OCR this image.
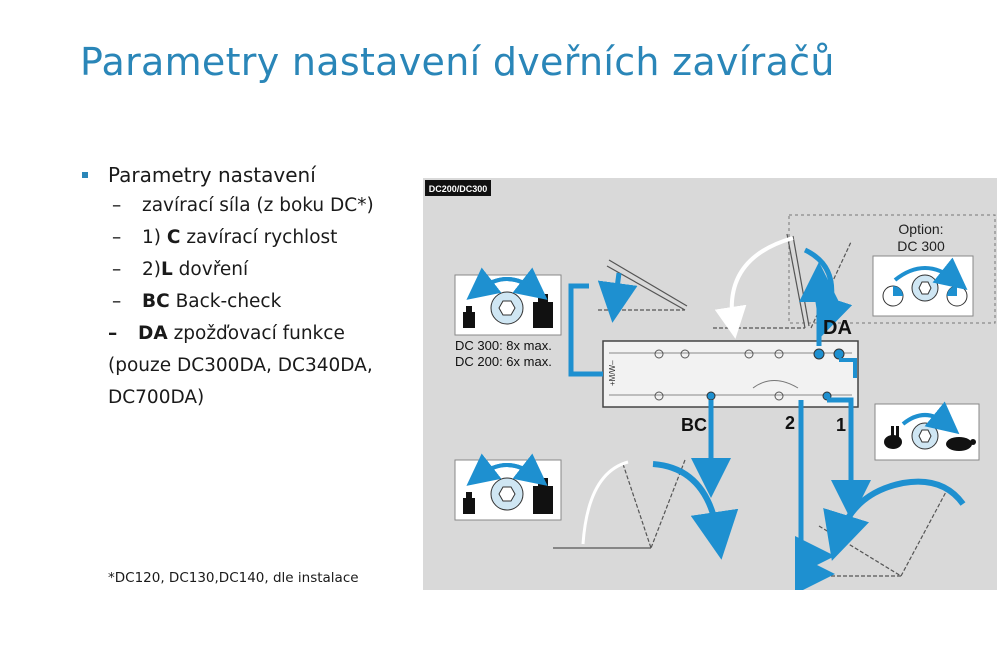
Parametry nastavení dveřních zavíračů
Parametry nastavení
– zavírací síla (z boku DC*)
– 1) C zavírací rychlost
– 2)L dovření
– BC Back-check
– DA zpožďovací funkce
(pouze DC300DA, DC340DA,
DC700DA)
*DC120, DC130,DC140, dle instalace
DC200/DC300
Option:
DC 300
DC 300: 8x max.
DC 200: 6x max.	+M/W–
DA
BC	2 1
